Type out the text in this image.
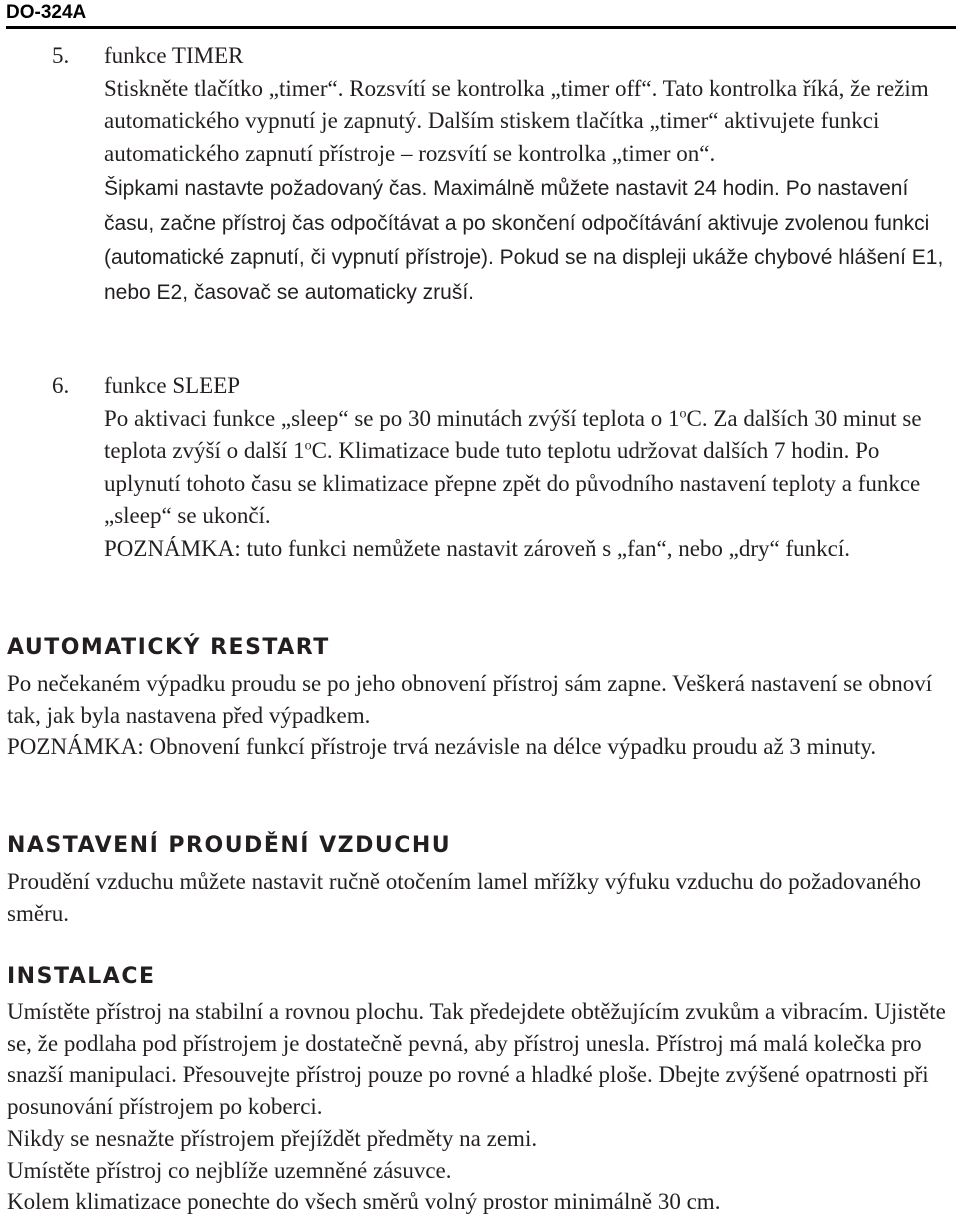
DO-324A
5. funkce TIMER

Stiskněte tlačítko „timer“. Rozsvítí se kontrolka „timer off“. Tato kontrolka říká, že režim automatického vypnutí je zapnutý. Dalším stiskem tlačítka „timer“ aktivujete funkci automatického zapnutí přístroje – rozsvítí se kontrolka „timer on“.

Šipkami nastavte požadovaný čas. Maximálně můžete nastavit 24 hodin. Po nastavení času, začne přístroj čas odpočítávat a po skončení odpočítávání aktivuje zvolenou funkci (automatické zapnutí, či vypnutí přístroje). Pokud se na displeji ukáže chybové hlášení E1, nebo E2, časovač se automaticky zruší.
6. funkce SLEEP

Po aktivaci funkce „sleep“ se po 30 minutách zvýší teplota o 1$^o$C. Za dalších 30 minut se teplota zvýší o další 1$^o$C. Klimatizace bude tuto teplotu udržovat dalších 7 hodin. Po uplynutí tohoto času se klimatizace přepne zpět do původního nastavení teploty a funkce „sleep“ se ukončí.

POZNÁMKA: tuto funkci nemůžete nastavit zároveň s „fan“, nebo „dry“ funkcí.

AUTOMATICKÝ RESTART

Po nečekaném výpadku proudu se po jeho obnovení přístroj sám zapne. Veškerá nastavení se obnoví tak, jak byla nastavena před výpadkem.

POZNÁMKA: Obnovení funkcí přístroje trvá nezávisle na délce výpadku proudu až 3 minuty.

NASTAVENÍ PROUDĚNÍ VZDUCHU

Proudění vzduchu můžete nastavit ručně otočením lamel mřížky výfuku vzduchu do požadovaného směru.

INSTALACE

Umístěte přístroj na stabilní a rovnou plochu. Tak předejdete obtěžujícím zvukům a vibracím. Ujistěte se, že podlaha pod přístrojem je dostatečně pevná, aby přístroj unesla. Přístroj má malá kolečka pro snazší manipulaci. Přesouvejte přístroj pouze po rovné a hladké ploše. Dbejte zvýšené opatrnosti při posunování přístrojem po koberci.

Nikdy se nesnažte přístrojem přejíždět předměty na zemi.

Umístěte přístroj co nejblíže uzemněné zásuvce.

Kolem klimatizace ponechte do všech směrů volný prostor minimálně 30 cm.
